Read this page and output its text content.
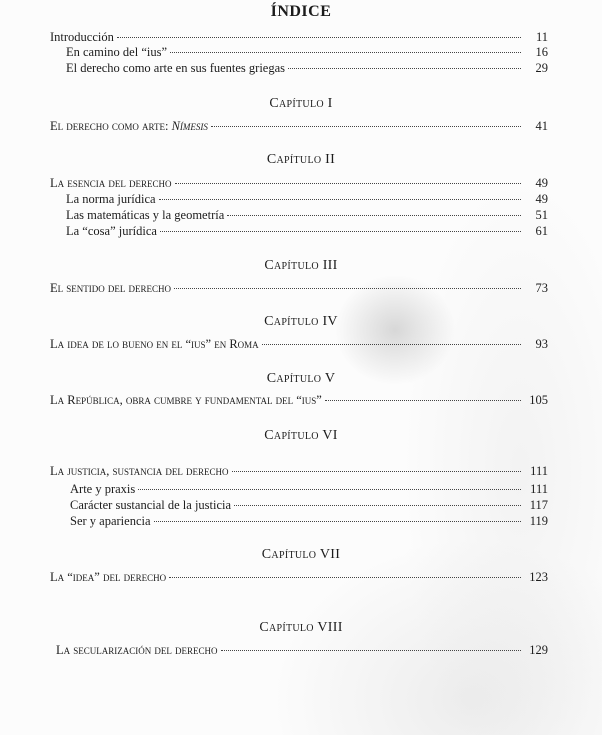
ÍNDICE
Introducción	11
En camino del “ius”	16
El derecho como arte en sus fuentes griegas	29
Capítulo I
El derecho como arte: Nímesis	41
Capítulo II
La esencia del derecho	49
La norma jurídica	49
Las matemáticas y la geometría	51
La “cosa” jurídica	61
Capítulo III
El sentido del derecho	73
Capítulo IV
La idea de lo bueno en el “ius” en Roma	93
Capítulo V
La República, obra cumbre y fundamental del “ius”	105
Capítulo VI
La justicia, sustancia del derecho	111
Arte y praxis	111
Carácter sustancial de la justicia	117
Ser y apariencia	119
Capítulo VII
La “idea” del derecho	123
Capítulo VIII
La secularización del derecho	129
